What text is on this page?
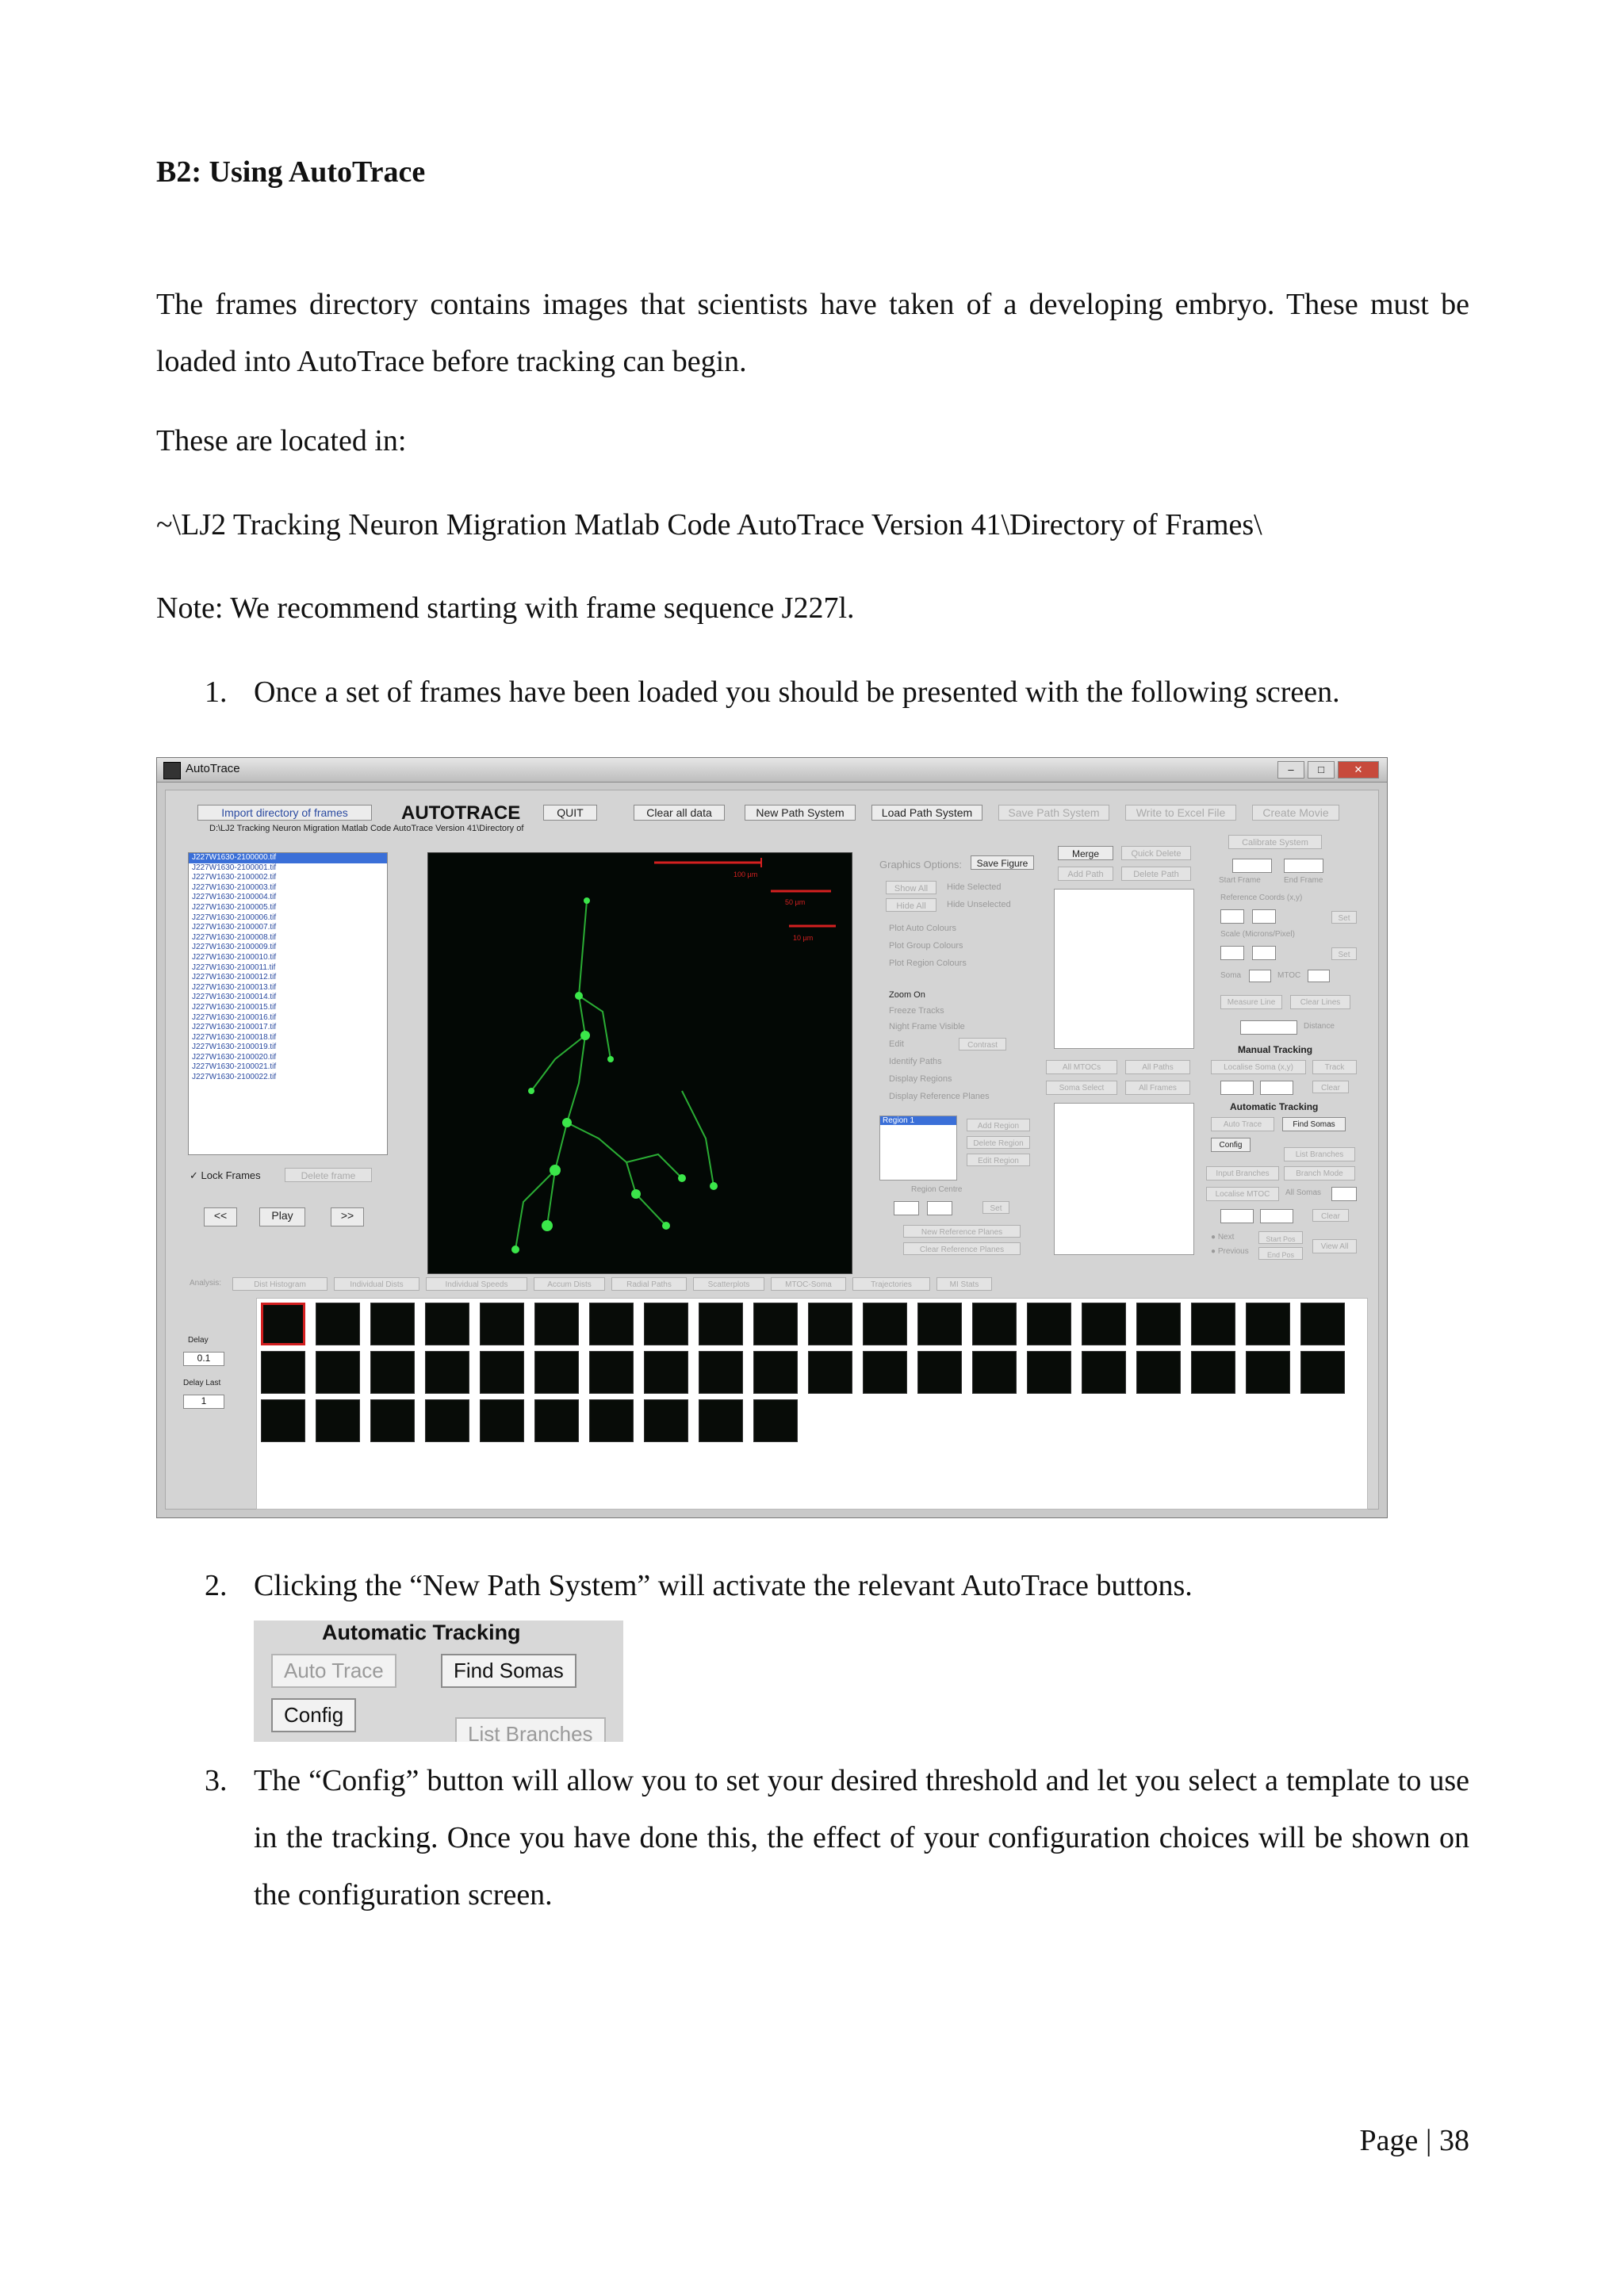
B2: Using AutoTrace
The frames directory contains images that scientists have taken of a developing embryo. These must be loaded into AutoTrace before tracking can begin.
These are located in:
~\LJ2 Tracking Neuron Migration Matlab Code AutoTrace Version 41\Directory of Frames\
Note: We recommend starting with frame sequence J227l.
1. Once a set of frames have been loaded you should be presented with the following screen.
AutoTrace	–	□	✕
Import directory of frames	AUTOTRACE	QUIT	Clear all data	New Path System	Load Path System	Save Path System	Write to Excel File	Create Movie
D:\LJ2 Tracking Neuron Migration Matlab Code AutoTrace Version 41\Directory of
J227W1630-2100000.tif
J227W1630-2100001.tif
J227W1630-2100002.tif
J227W1630-2100003.tif
J227W1630-2100004.tif
J227W1630-2100005.tif
J227W1630-2100006.tif
J227W1630-2100007.tif
J227W1630-2100008.tif
J227W1630-2100009.tif
J227W1630-2100010.tif
J227W1630-2100011.tif
J227W1630-2100012.tif
J227W1630-2100013.tif
J227W1630-2100014.tif
J227W1630-2100015.tif
J227W1630-2100016.tif
J227W1630-2100017.tif
J227W1630-2100018.tif
J227W1630-2100019.tif
J227W1630-2100020.tif
J227W1630-2100021.tif
J227W1630-2100022.tif
✓ Lock Frames	Delete frame
<<	Play	>>
100 µm
50 µm
10 µm
Graphics Options:	Save Figure
Show All
Hide All
Hide Selected
Hide Unselected
Plot Auto Colours
Plot Group Colours
Plot Region Colours
Zoom On
Freeze Tracks
Night Frame Visible
Edit	Contrast
Identify Paths
Display Regions
Display Reference Planes
Region 1
Add Region
Delete Region
Edit Region
Region Centre
Set
New Reference Planes
Clear Reference Planes
Merge	Quick Delete
Add Path	Delete Path
All MTOCs	All Paths
Soma Select	All Frames
Calibrate System
Start Frame	End Frame
Reference Coords (x,y)
Set
Scale (Microns/Pixel)
Set
Soma	MTOC
Measure Line	Clear Lines
Distance
Manual Tracking
Localise Soma (x,y)	Track
Clear
Automatic Tracking
Auto Trace	Find Somas
Config
List Branches
Input Branches	Branch Mode
Localise MTOC	All Somas
Clear
● Next
● Previous
Start Pos
End Pos
View All
Analysis:	Dist Histogram	Individual Dists	Individual Speeds	Accum Dists	Radial Paths	Scatterplots	MTOC-Soma	Trajectories	MI Stats
Delay
0.1
Delay Last
1
2. Clicking the “New Path System” will activate the relevant AutoTrace buttons.
Automatic Tracking
Auto Trace	Find Somas
Config
List Branches
3. The “Config” button will allow you to set your desired threshold and let you select a template to use in the tracking. Once you have done this, the effect of your configuration choices will be shown on the configuration screen.
Page | 38
